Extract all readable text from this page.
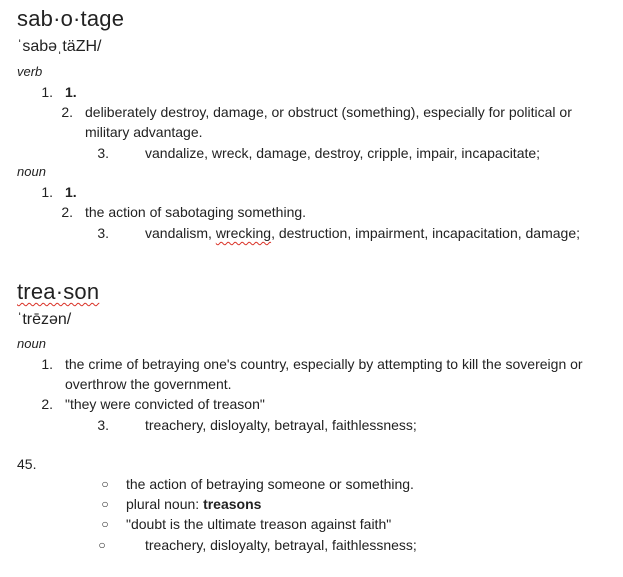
sab·o·tage
ˈsabəˌtäZH/
verb
1. 1.
2. deliberately destroy, damage, or obstruct (something), especially for political or
military advantage.
3.	vandalize, wreck, damage, destroy, cripple, impair, incapacitate;
noun
1. 1.
2. the action of sabotaging something.
3.	vandalism, wrecking, destruction, impairment, incapacitation, damage;
trea·son
ˈtrēzən/
noun
1. the crime of betraying one's country, especially by attempting to kill the sovereign or
overthrow the government.
2. "they were convicted of treason"
3.	treachery, disloyalty, betrayal, faithlessness;
45.
○ the action of betraying someone or something.
○ plural noun: treasons
○ "doubt is the ultimate treason against faith"
○	treachery, disloyalty, betrayal, faithlessness;
